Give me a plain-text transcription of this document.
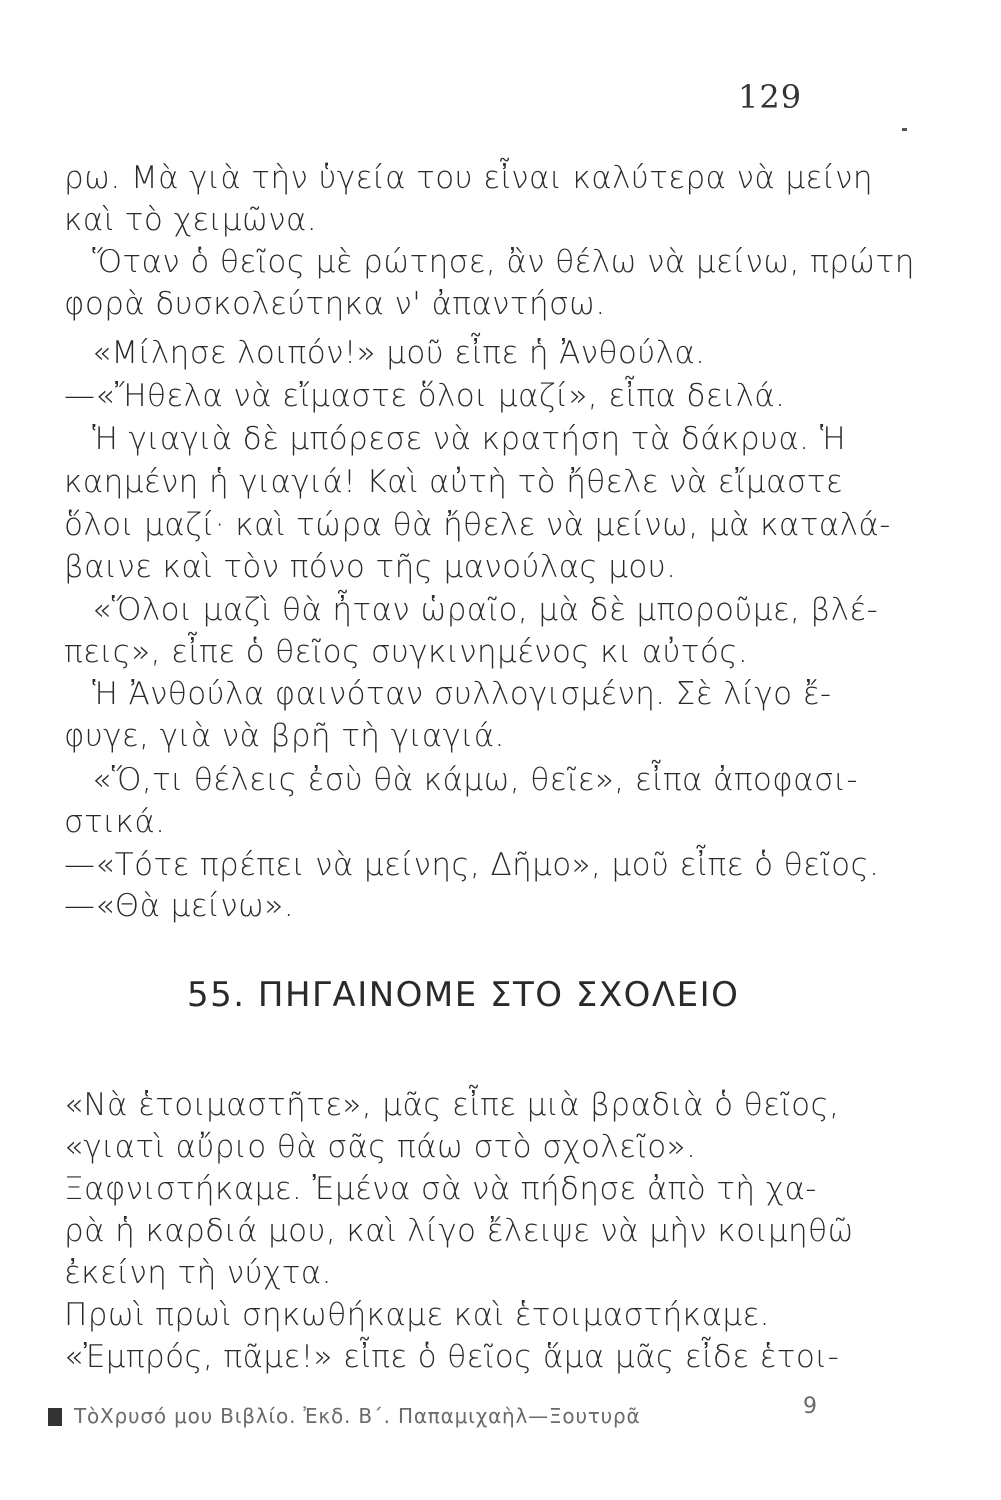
129
ρω. Μὰ γιὰ τὴν ὑγεία του εἶναι καλύτερα νὰ μείνη
καὶ τὸ χειμῶνα.
Ὅταν ὁ θεῖος μὲ ρώτησε, ἂν θέλω νὰ μείνω, πρώτη
φορὰ δυσκολεύτηκα ν' ἀπαντήσω.
«Μίλησε λοιπόν!» μοῦ εἶπε ἡ Ἀνθούλα.
—«Ἤθελα νὰ εἴμαστε ὅλοι μαζί», εἶπα δειλά.
Ἡ γιαγιὰ δὲ μπόρεσε νὰ κρατήση τὰ δάκρυα. Ἡ
καημένη ἡ γιαγιά! Καὶ αὐτὴ τὸ ἤθελε νὰ εἴμαστε
ὅλοι μαζί· καὶ τώρα θὰ ἤθελε νὰ μείνω, μὰ καταλά-
βαινε καὶ τὸν πόνο τῆς μανούλας μου.
«Ὅλοι μαζὶ θὰ ἦταν ὡραῖο, μὰ δὲ μποροῦμε, βλέ-
πεις», εἶπε ὁ θεῖος συγκινημένος κι αὐτός.
Ἡ Ἀνθούλα φαινόταν συλλογισμένη. Σὲ λίγο ἔ-
φυγε, γιὰ νὰ βρῆ τὴ γιαγιά.
«Ὅ,τι θέλεις ἐσὺ θὰ κάμω, θεῖε», εἶπα ἀποφασι-
στικά.
—«Τότε πρέπει νὰ μείνης, Δῆμο», μοῦ εἶπε ὁ θεῖος.
—«Θὰ μείνω».
55. ΠΗΓΑΙΝΟΜΕ ΣΤΟ ΣΧΟΛΕΙΟ
«Νὰ ἑτοιμαστῆτε», μᾶς εἶπε μιὰ βραδιὰ ὁ θεῖος,
«γιατὶ αὔριο θὰ σᾶς πάω στὸ σχολεῖο».
Ξαφνιστήκαμε. Ἐμένα σὰ νὰ πήδησε ἀπὸ τὴ χα-
ρὰ ἡ καρδιά μου, καὶ λίγο ἔλειψε νὰ μὴν κοιμηθῶ
ἐκείνη τὴ νύχτα.
Πρωὶ πρωὶ σηκωθήκαμε καὶ ἑτοιμαστήκαμε.
«Ἐμπρός, πᾶμε!» εἶπε ὁ θεῖος ἅμα μᾶς εἶδε ἑτοι-
ΤὸΧρυσό μου Βιβλίο. Ἐκδ. Β΄. Παπαμιχαὴλ—Ξουτυρᾶ	9
